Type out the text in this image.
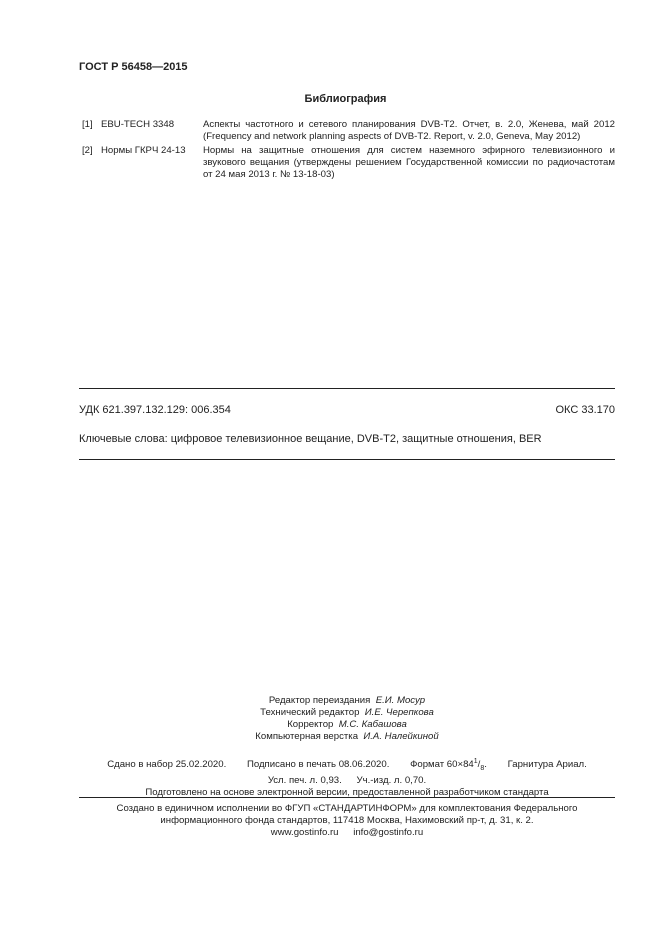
ГОСТ Р 56458—2015
Библиография
[1] EBU-TECH 3348	Аспекты частотного и сетевого планирования DVB-T2. Отчет, в. 2.0, Женева, май 2012 (Frequency and network planning aspects of DVB-T2. Report, v. 2.0, Geneva, May 2012)
[2] Нормы ГКРЧ 24-13 Нормы на защитные отношения для систем наземного эфирного телевизионного и звукового вещания (утверждены решением Государственной комиссии по радиочастотам от 24 мая 2013 г. № 13-18-03)
УДК 621.397.132.129: 006.354	ОКС 33.170
Ключевые слова: цифровое телевизионное вещание, DVB-T2, защитные отношения, BER
Редактор переиздания Е.И. Мосур
Технический редактор И.Е. Черепкова
Корректор М.С. Кабашова
Компьютерная верстка И.А. Налейкиной
Сдано в набор 25.02.2020. Подписано в печать 08.06.2020. Формат $60\times 84^1/_8$. Гарнитура Ариал.
Усл. печ. л. 0,93. Уч.-изд. л. 0,70.
Подготовлено на основе электронной версии, предоставленной разработчиком стандарта
Создано в единичном исполнении во ФГУП «СТАНДАРТИНФОРМ» для комплектования Федерального
информационного фонда стандартов, 117418 Москва, Нахимовский пр-т, д. 31, к. 2.
www.gostinfo.ru info@gostinfo.ru
